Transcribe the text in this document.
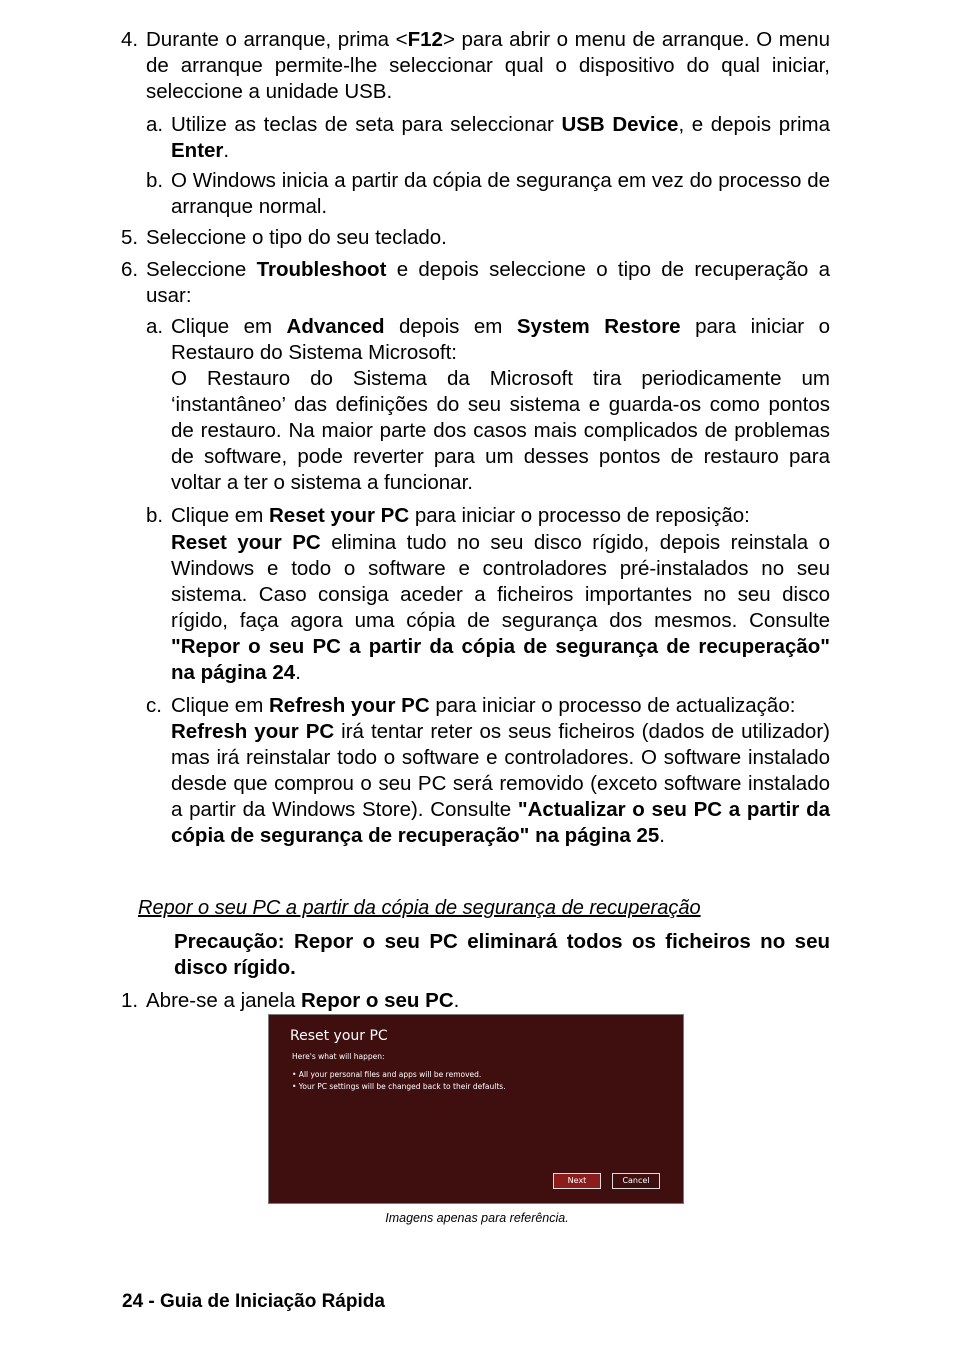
4. Durante o arranque, prima <F12> para abrir o menu de arranque. O menu de arranque permite-lhe seleccionar qual o dispositivo do qual iniciar, seleccione a unidade USB.
a. Utilize as teclas de seta para seleccionar USB Device, e depois prima Enter.
b. O Windows inicia a partir da cópia de segurança em vez do processo de arranque normal.
5. Seleccione o tipo do seu teclado.
6. Seleccione Troubleshoot e depois seleccione o tipo de recuperação a usar:
a. Clique em Advanced depois em System Restore para iniciar o Restauro do Sistema Microsoft:
O Restauro do Sistema da Microsoft tira periodicamente um ‘instantâneo’ das definições do seu sistema e guarda-os como pontos de restauro. Na maior parte dos casos mais complicados de problemas de software, pode reverter para um desses pontos de restauro para voltar a ter o sistema a funcionar.
b. Clique em Reset your PC para iniciar o processo de reposição:
Reset your PC elimina tudo no seu disco rígido, depois reinstala o Windows e todo o software e controladores pré-instalados no seu sistema. Caso consiga aceder a ficheiros importantes no seu disco rígido, faça agora uma cópia de segurança dos mesmos. Consulte "Repor o seu PC a partir da cópia de segurança de recuperação" na página 24.
c. Clique em Refresh your PC para iniciar o processo de actualização:
Refresh your PC irá tentar reter os seus ficheiros (dados de utilizador) mas irá reinstalar todo o software e controladores. O software instalado desde que comprou o seu PC será removido (exceto software instalado a partir da Windows Store). Consulte "Actualizar o seu PC a partir da cópia de segurança de recuperação" na página 25.
Repor o seu PC a partir da cópia de segurança de recuperação
Precaução: Repor o seu PC eliminará todos os ficheiros no seu disco rígido.
1. Abre-se a janela Repor o seu PC.
Reset your PC
Here's what will happen:
• All your personal files and apps will be removed.
• Your PC settings will be changed back to their defaults.
Next	Cancel
Imagens apenas para referência.
24 - Guia de Iniciação Rápida
